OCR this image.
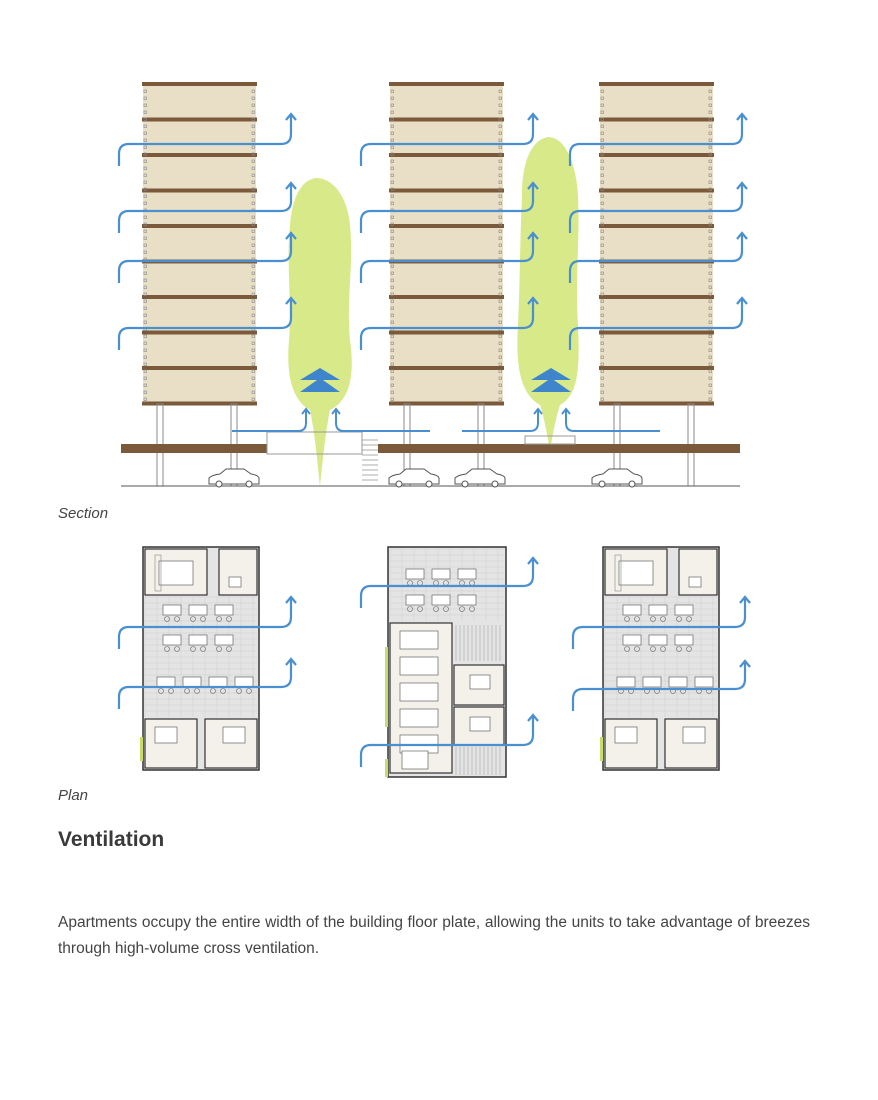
Section
Plan
Ventilation

Apartments occupy the entire width of the building floor plate, allowing the units to take advantage of breezes through high-volume cross ventilation.
